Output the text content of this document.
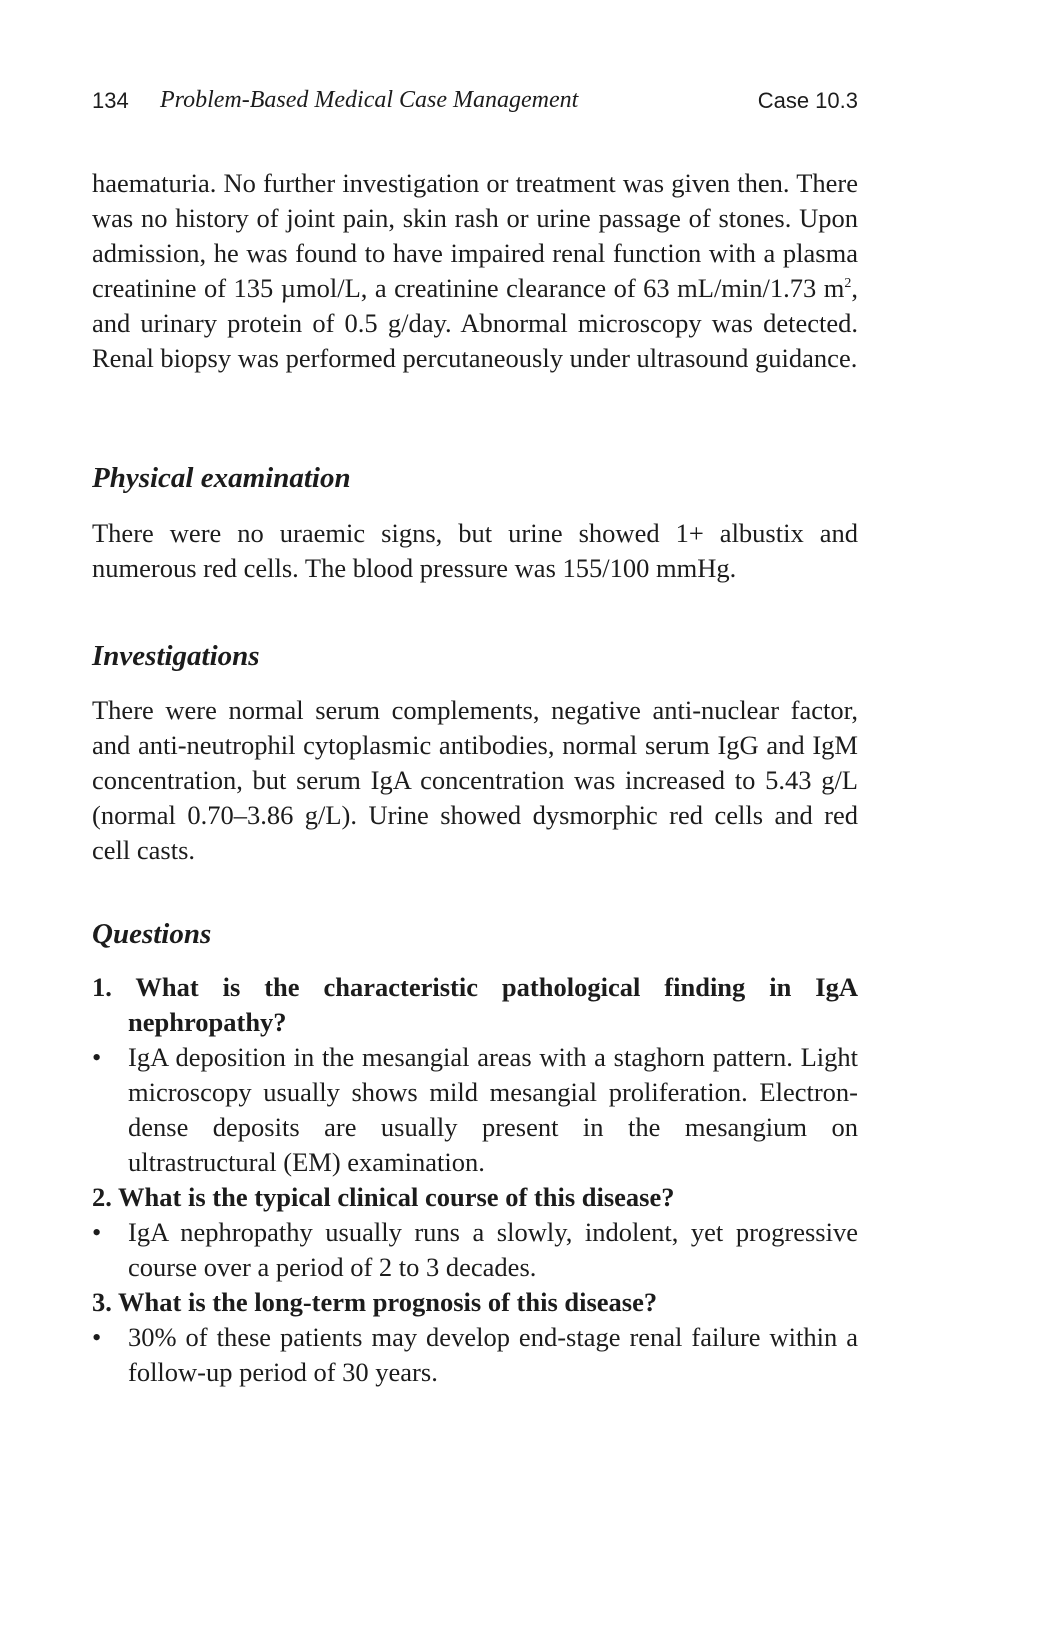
134 Problem-Based Medical Case Management	Case 10.3

haematuria. No further investigation or treatment was given then. There was no history of joint pain, skin rash or urine passage of stones. Upon admission, he was found to have impaired renal function with a plasma creatinine of 135 µmol/L, a creatinine clearance of 63 mL/min/1.73 $m^2$, and urinary protein of 0.5 g/day. Abnormal microscopy was detected. Renal biopsy was performed percutaneously under ultrasound guidance.

Physical examination

There were no uraemic signs, but urine showed 1+ albustix and numerous red cells. The blood pressure was 155/100 mmHg.

Investigations

There were normal serum complements, negative anti-nuclear factor, and anti-neutrophil cytoplasmic antibodies, normal serum IgG and IgM concentration, but serum IgA concentration was increased to 5.43 g/L (normal 0.70–3.86 g/L). Urine showed dysmorphic red cells and red cell casts.

Questions

1. What is the characteristic pathological finding in IgA nephropathy?

• IgA deposition in the mesangial areas with a staghorn pattern. Light microscopy usually shows mild mesangial proliferation. Electron-dense deposits are usually present in the mesangium on ultrastructural (EM) examination.

2. What is the typical clinical course of this disease?

• IgA nephropathy usually runs a slowly, indolent, yet progressive course over a period of 2 to 3 decades.

3. What is the long-term prognosis of this disease?

• 30% of these patients may develop end-stage renal failure within a follow-up period of 30 years.
